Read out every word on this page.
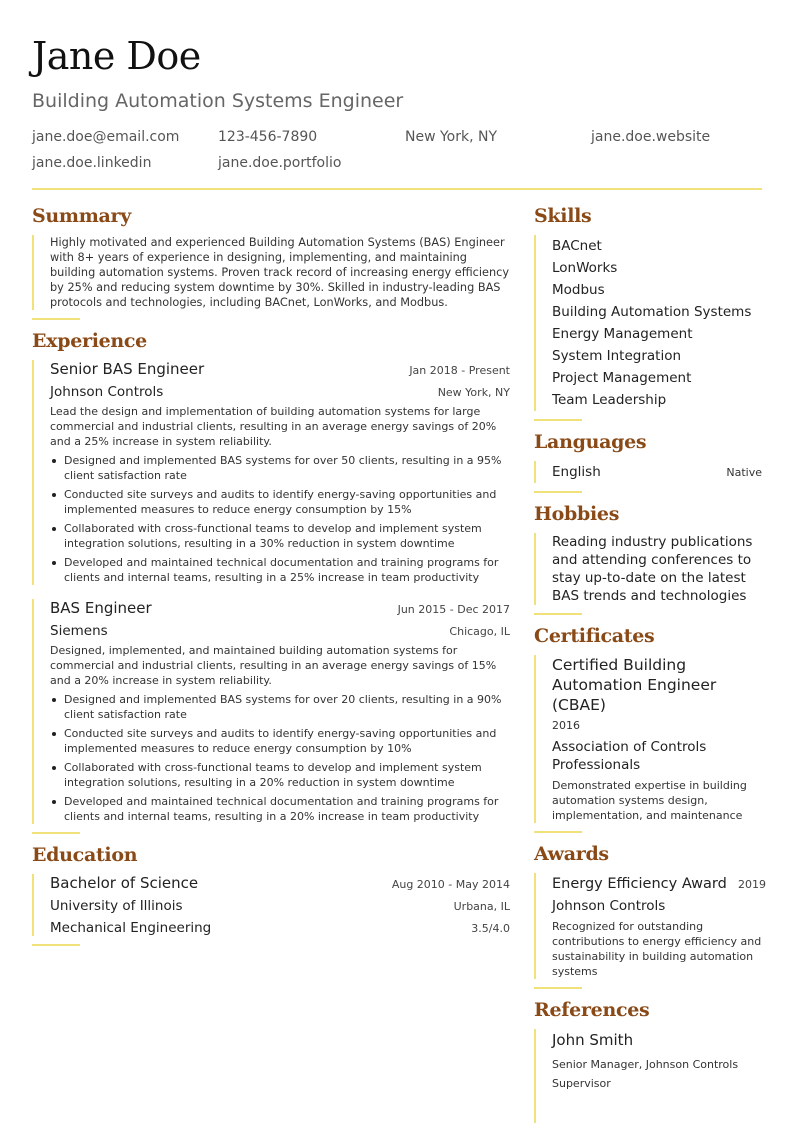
Jane Doe
Building Automation Systems Engineer
jane.doe@email.com	123-456-7890	New York, NY	jane.doe.website
jane.doe.linkedin	jane.doe.portfolio
Summary
Highly motivated and experienced Building Automation Systems (BAS) Engineer with 8+ years of experience in designing, implementing, and maintaining building automation systems. Proven track record of increasing energy efficiency by 25% and reducing system downtime by 30%. Skilled in industry-leading BAS protocols and technologies, including BACnet, LonWorks, and Modbus.
Experience
Senior BAS Engineer	Jan 2018 - Present
Johnson Controls	New York, NY
Lead the design and implementation of building automation systems for large commercial and industrial clients, resulting in an average energy savings of 20% and a 25% increase in system reliability.
Designed and implemented BAS systems for over 50 clients, resulting in a 95% client satisfaction rate
Conducted site surveys and audits to identify energy-saving opportunities and implemented measures to reduce energy consumption by 15%
Collaborated with cross-functional teams to develop and implement system integration solutions, resulting in a 30% reduction in system downtime
Developed and maintained technical documentation and training programs for clients and internal teams, resulting in a 25% increase in team productivity
BAS Engineer	Jun 2015 - Dec 2017
Siemens	Chicago, IL
Designed, implemented, and maintained building automation systems for commercial and industrial clients, resulting in an average energy savings of 15% and a 20% increase in system reliability.
Designed and implemented BAS systems for over 20 clients, resulting in a 90% client satisfaction rate
Conducted site surveys and audits to identify energy-saving opportunities and implemented measures to reduce energy consumption by 10%
Collaborated with cross-functional teams to develop and implement system integration solutions, resulting in a 20% reduction in system downtime
Developed and maintained technical documentation and training programs for clients and internal teams, resulting in a 20% increase in team productivity
Education
Bachelor of Science	Aug 2010 - May 2014
University of Illinois	Urbana, IL
Mechanical Engineering	3.5/4.0
Skills
BACnet
LonWorks
Modbus
Building Automation Systems
Energy Management
System Integration
Project Management
Team Leadership
Languages
English	Native
Hobbies
Reading industry publications and attending conferences to stay up-to-date on the latest BAS trends and technologies
Certificates
Certified Building Automation Engineer (CBAE)
2016
Association of Controls Professionals
Demonstrated expertise in building automation systems design, implementation, and maintenance
Awards
Energy Efficiency Award 2019
Johnson Controls
Recognized for outstanding contributions to energy efficiency and sustainability in building automation systems
References
John Smith
Senior Manager, Johnson Controls
Supervisor
